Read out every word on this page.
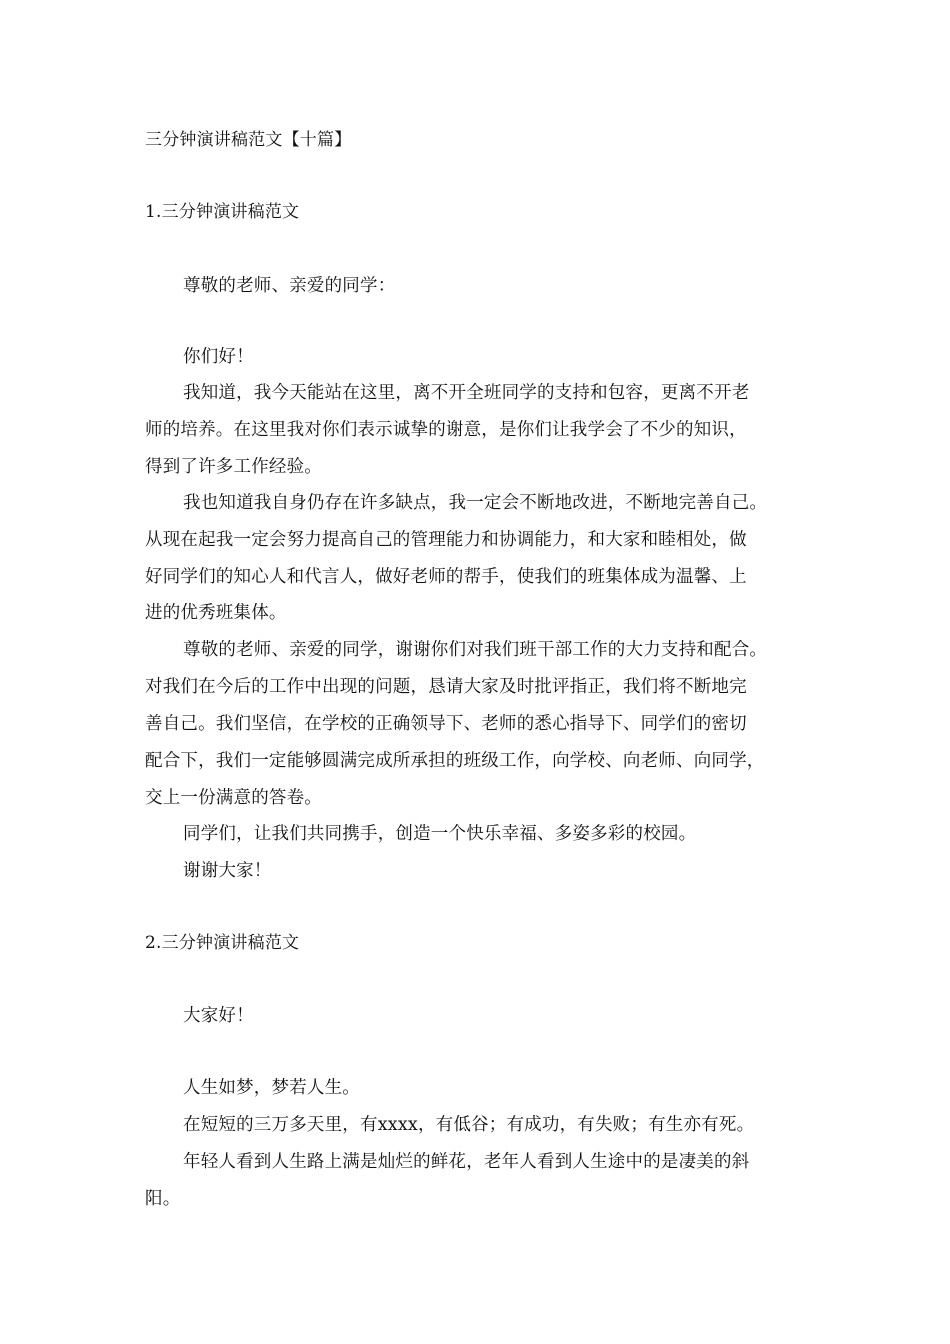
三分钟演讲稿范文【十篇】
1.三分钟演讲稿范文
尊敬的老师、亲爱的同学：
你们好！
我知道，我今天能站在这里，离不开全班同学的支持和包容，更离不开老
师的培养。在这里我对你们表示诚挚的谢意，是你们让我学会了不少的知识，
得到了许多工作经验。
我也知道我自身仍存在许多缺点，我一定会不断地改进，不断地完善自己。
从现在起我一定会努力提高自己的管理能力和协调能力，和大家和睦相处，做
好同学们的知心人和代言人，做好老师的帮手，使我们的班集体成为温馨、上
进的优秀班集体。
尊敬的老师、亲爱的同学，谢谢你们对我们班干部工作的大力支持和配合。
对我们在今后的工作中出现的问题，恳请大家及时批评指正，我们将不断地完
善自己。我们坚信，在学校的正确领导下、老师的悉心指导下、同学们的密切
配合下，我们一定能够圆满完成所承担的班级工作，向学校、向老师、向同学，
交上一份满意的答卷。
同学们，让我们共同携手，创造一个快乐幸福、多姿多彩的校园。
谢谢大家！
2.三分钟演讲稿范文
大家好！
人生如梦，梦若人生。
在短短的三万多天里，有xxxx，有低谷；有成功，有失败；有生亦有死。
年轻人看到人生路上满是灿烂的鲜花，老年人看到人生途中的是凄美的斜
阳。
